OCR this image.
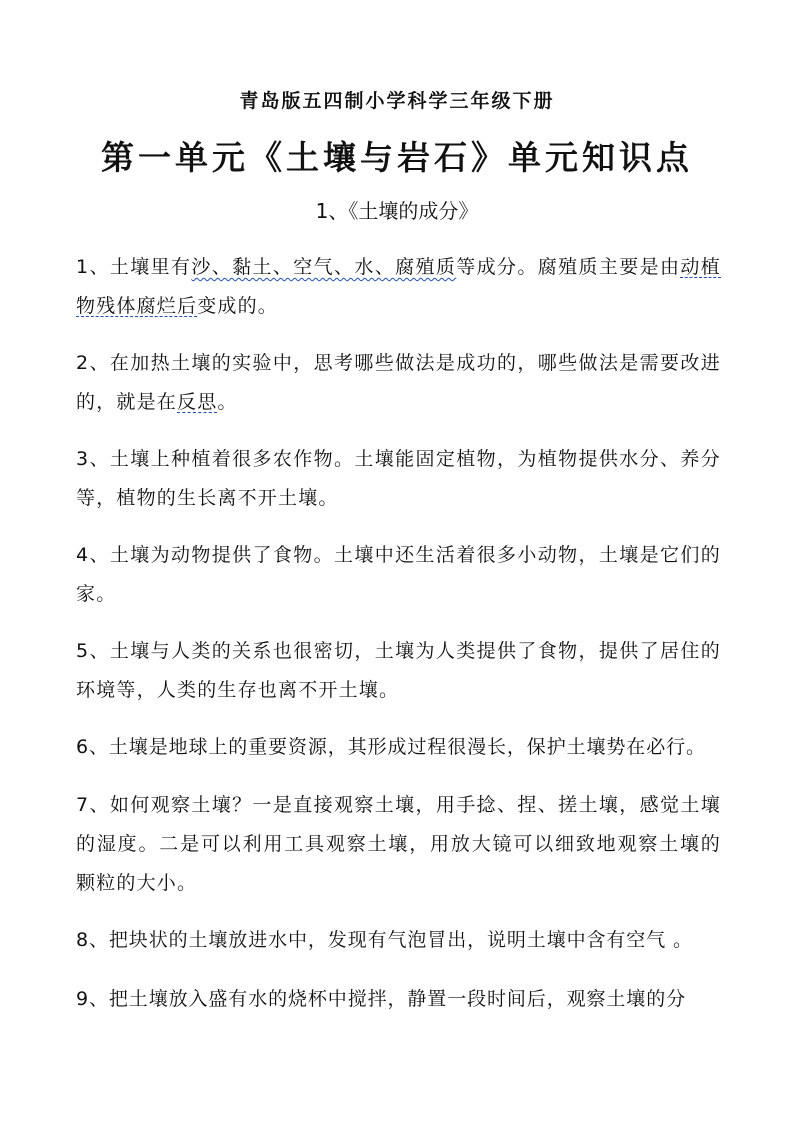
青岛版五四制小学科学三年级下册
第一单元《土壤与岩石》单元知识点
1、《土壤的成分》
1、土壤里有沙、黏土、空气、水、腐殖质等成分。腐殖质主要是由动植物残体腐烂后变成的。
2、在加热土壤的实验中，思考哪些做法是成功的，哪些做法是需要改进的，就是在反思。
3、土壤上种植着很多农作物。土壤能固定植物，为植物提供水分、养分等，植物的生长离不开土壤。
4、土壤为动物提供了食物。土壤中还生活着很多小动物，土壤是它们的家。
5、土壤与人类的关系也很密切，土壤为人类提供了食物，提供了居住的环境等，人类的生存也离不开土壤。
6、土壤是地球上的重要资源，其形成过程很漫长，保护土壤势在必行。
7、如何观察土壤？一是直接观察土壤，用手捻、捏、搓土壤，感觉土壤的湿度。二是可以利用工具观察土壤，用放大镜可以细致地观察土壤的颗粒的大小。
8、把块状的土壤放进水中，发现有气泡冒出，说明土壤中含有空气 。
9、把土壤放入盛有水的烧杯中搅拌，静置一段时间后，观察土壤的分
